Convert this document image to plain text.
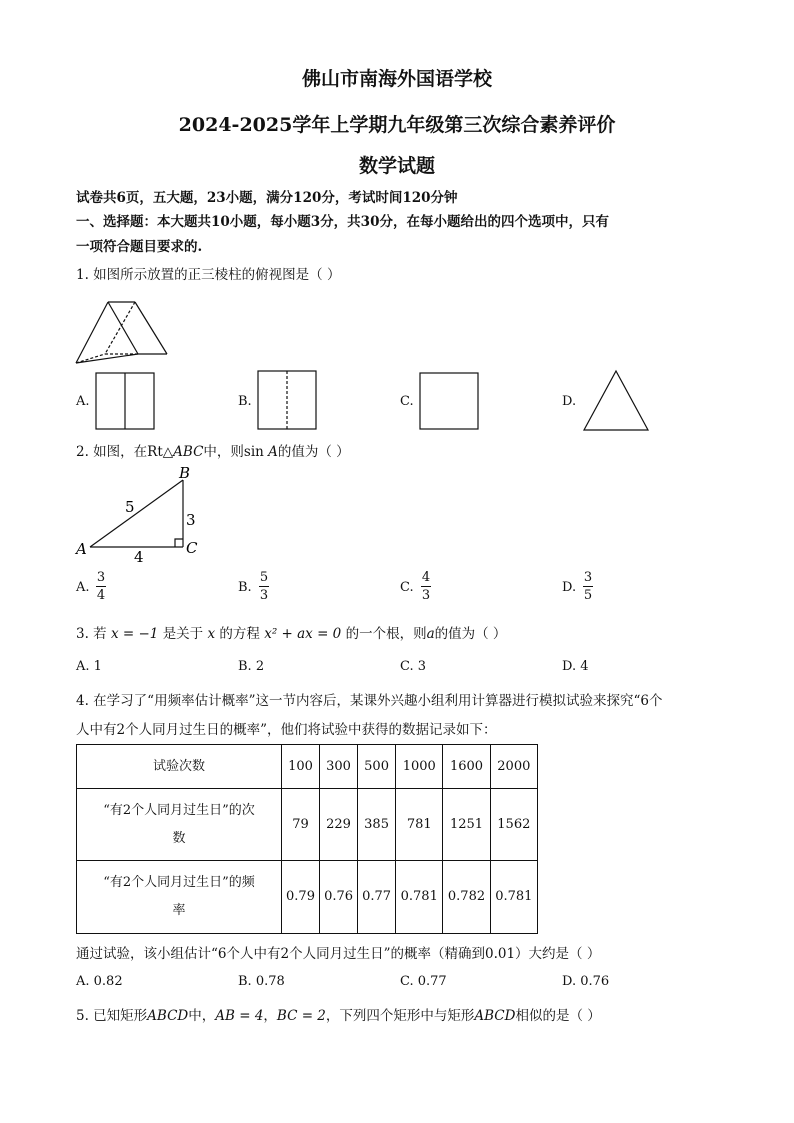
佛山市南海外国语学校
2024-2025学年上学期九年级第三次综合素养评价
数学试题
试卷共6页，五大题，23小题，满分120分，考试时间120分钟
一、选择题：本大题共10小题，每小题3分，共30分，在每小题给出的四个选项中，只有
一项符合题目要求的.
1. 如图所示放置的正三棱柱的俯视图是（ ）
A.	B.	C.	D.
2. 如图，在Rt△ABC中，则sin A的值为（ ）
A
B
C
5
3
4
A.
3
4
B.
5
3
C.
4
3
D.
3
5
3. 若 x = −1 是关于 x 的方程 x² + ax = 0 的一个根，则a的值为（ ）
A. 1	B. 2	C. 3	D. 4
4. 在学习了“用频率估计概率”这一节内容后，某课外兴趣小组利用计算器进行模拟试验来探究“6个
人中有2个人同月过生日的概率”，他们将试验中获得的数据记录如下：
试验次数	100	300	500	1000	1600	2000

“有2个人同月过生日”的次
数	79	229	385	781	1251	1562

“有2个人同月过生日”的频
率	0.79	0.76	0.77	0.781	0.782	0.781
通过试验，该小组估计“6个人中有2个人同月过生日”的概率（精确到0.01）大约是（ ）
A. 0.82	B. 0.78	C. 0.77	D. 0.76
5. 已知矩形ABCD中，AB = 4，BC = 2，下列四个矩形中与矩形ABCD相似的是（ ）
